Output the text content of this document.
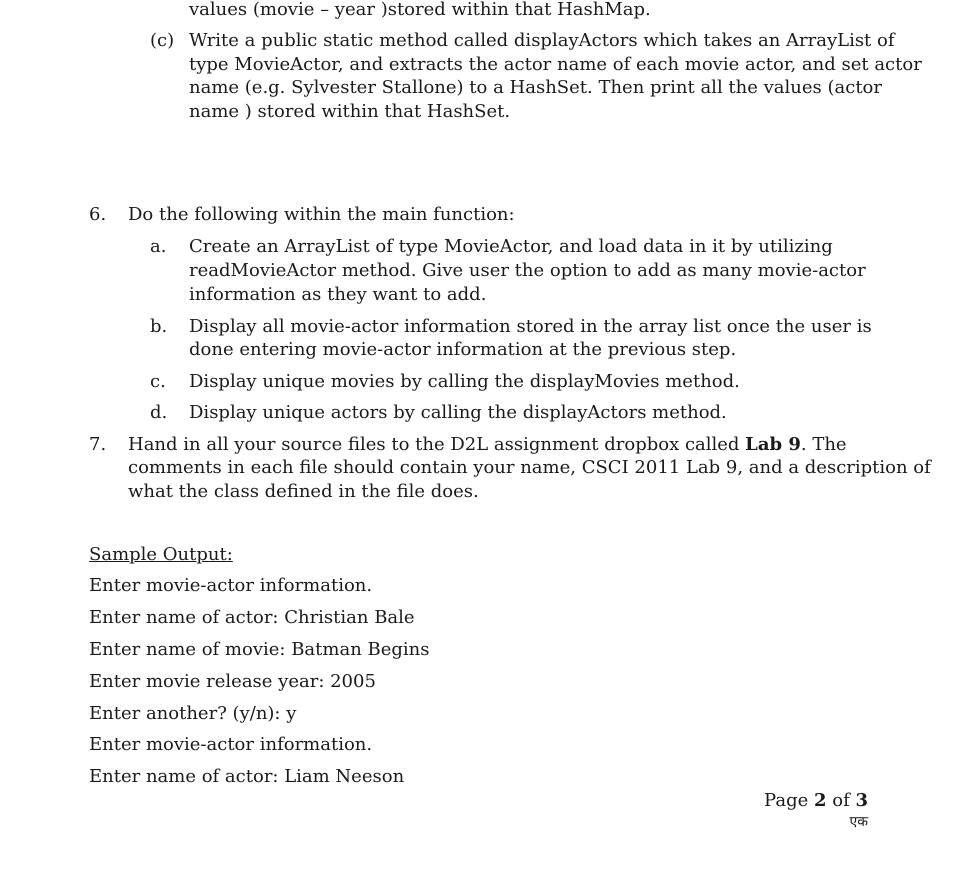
values (movie – year )stored within that HashMap.
(c) Write a public static method called displayActors which takes an ArrayList of
type MovieActor, and extracts the actor name of each movie actor, and set actor
name (e.g. Sylvester Stallone) to a HashSet. Then print all the values (actor
name ) stored within that HashSet.
6. Do the following within the main function:
a. Create an ArrayList of type MovieActor, and load data in it by utilizing
readMovieActor method. Give user the option to add as many movie-actor
information as they want to add.
b. Display all movie-actor information stored in the array list once the user is
done entering movie-actor information at the previous step.
c. Display unique movies by calling the displayMovies method.
d. Display unique actors by calling the displayActors method.
7. Hand in all your source files to the D2L assignment dropbox called Lab 9. The
comments in each file should contain your name, CSCI 2011 Lab 9, and a description of
what the class defined in the file does.
Sample Output:
Enter movie-actor information.
Enter name of actor: Christian Bale
Enter name of movie: Batman Begins
Enter movie release year: 2005
Enter another? (y/n): y
Enter movie-actor information.
Enter name of actor: Liam Neeson
Page 2 of 3
एक
